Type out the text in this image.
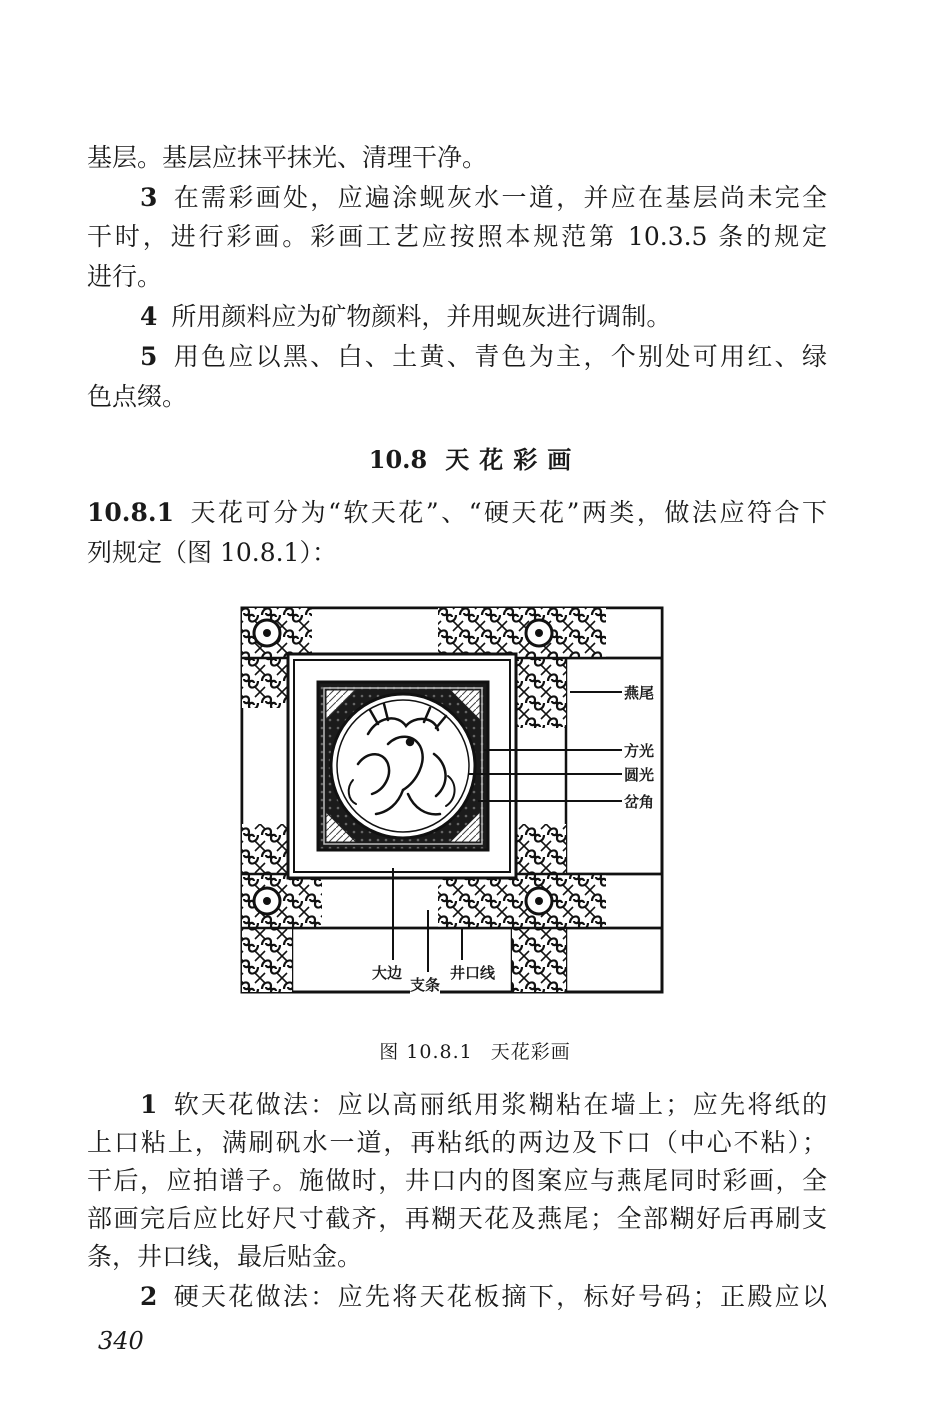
基层。基层应抹平抹光、清理干净。
3 在需彩画处，应遍涂蚬灰水一道，并应在基层尚未完全
干时，进行彩画。彩画工艺应按照本规范第 10.3.5 条的规定
进行。
4 所用颜料应为矿物颜料，并用蚬灰进行调制。
5 用色应以黑、白、土黄、青色为主，个别处可用红、绿
色点缀。
10.8 天花彩画
10.8.1 天花可分为“软天花”、“硬天花”两类，做法应符合下
列规定（图 10.8.1）：
燕尾
方光
圆光
岔角
大边
支条
井口线
图 10.8.1 天花彩画
1 软天花做法：应以高丽纸用浆糊粘在墙上；应先将纸的
上口粘上，满刷矾水一道，再粘纸的两边及下口（中心不粘）；
干后，应拍谱子。施做时，井口内的图案应与燕尾同时彩画，全
部画完后应比好尺寸截齐，再糊天花及燕尾；全部糊好后再刷支
条，井口线，最后贴金。
2 硬天花做法：应先将天花板摘下，标好号码；正殿应以
340
